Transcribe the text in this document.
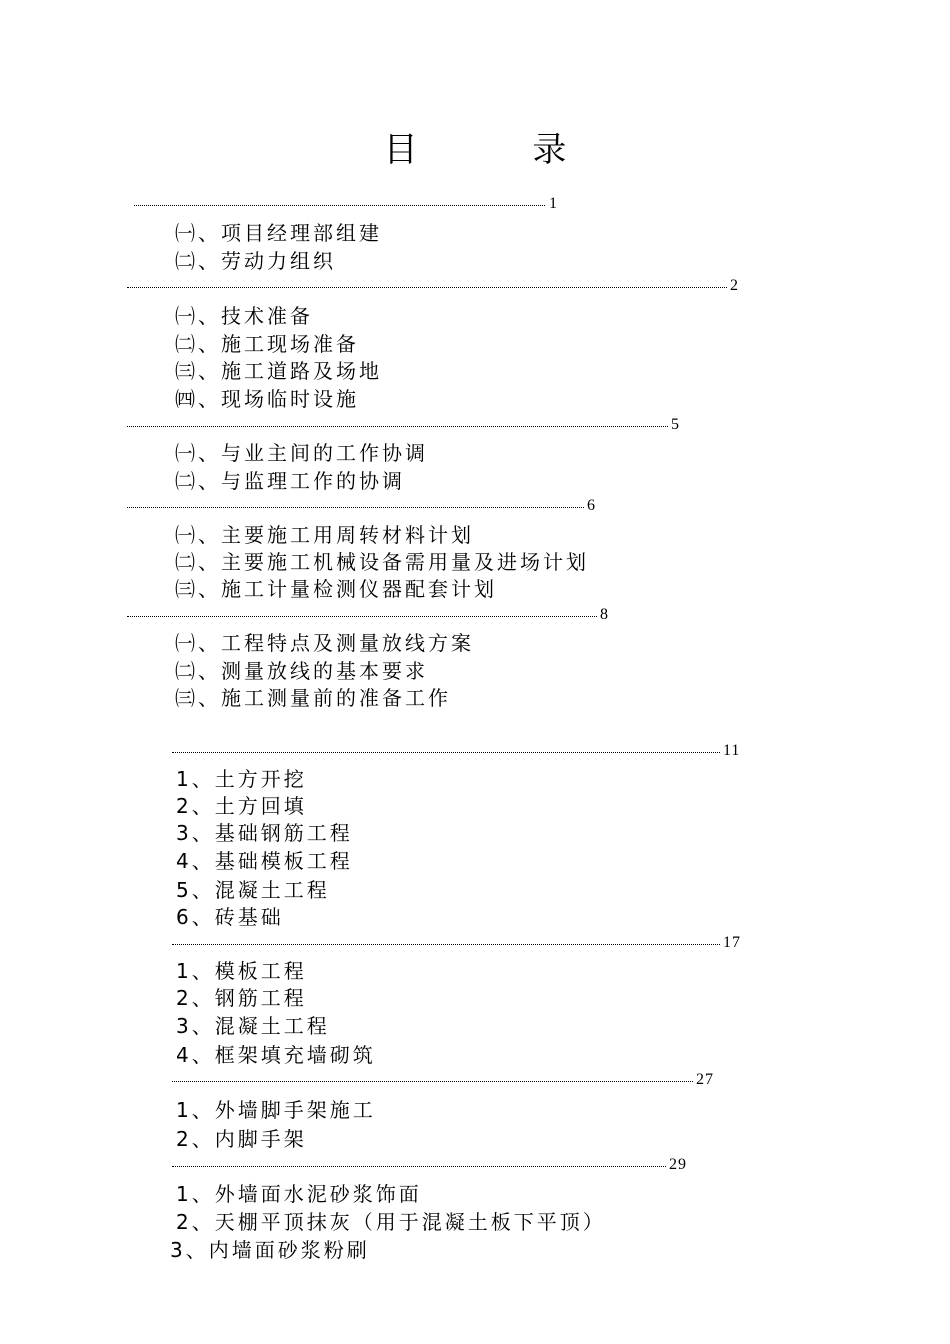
目 录
1
㈠、项目经理部组建
㈡、劳动力组织
2
㈠、技术准备
㈡、施工现场准备
㈢、施工道路及场地
㈣、现场临时设施
5
㈠、与业主间的工作协调
㈡、与监理工作的协调
6
㈠、主要施工用周转材料计划
㈡、主要施工机械设备需用量及进场计划
㈢、施工计量检测仪器配套计划
8
㈠、工程特点及测量放线方案
㈡、测量放线的基本要求
㈢、施工测量前的准备工作
11
1、土方开挖
2、土方回填
3、基础钢筋工程
4、基础模板工程
5、混凝土工程
6、砖基础
17
1、模板工程
2、钢筋工程
3、混凝土工程
4、框架填充墙砌筑
27
1、外墙脚手架施工
2、内脚手架
29
1、外墙面水泥砂浆饰面
2、天棚平顶抹灰（用于混凝土板下平顶）
3、内墙面砂浆粉刷
